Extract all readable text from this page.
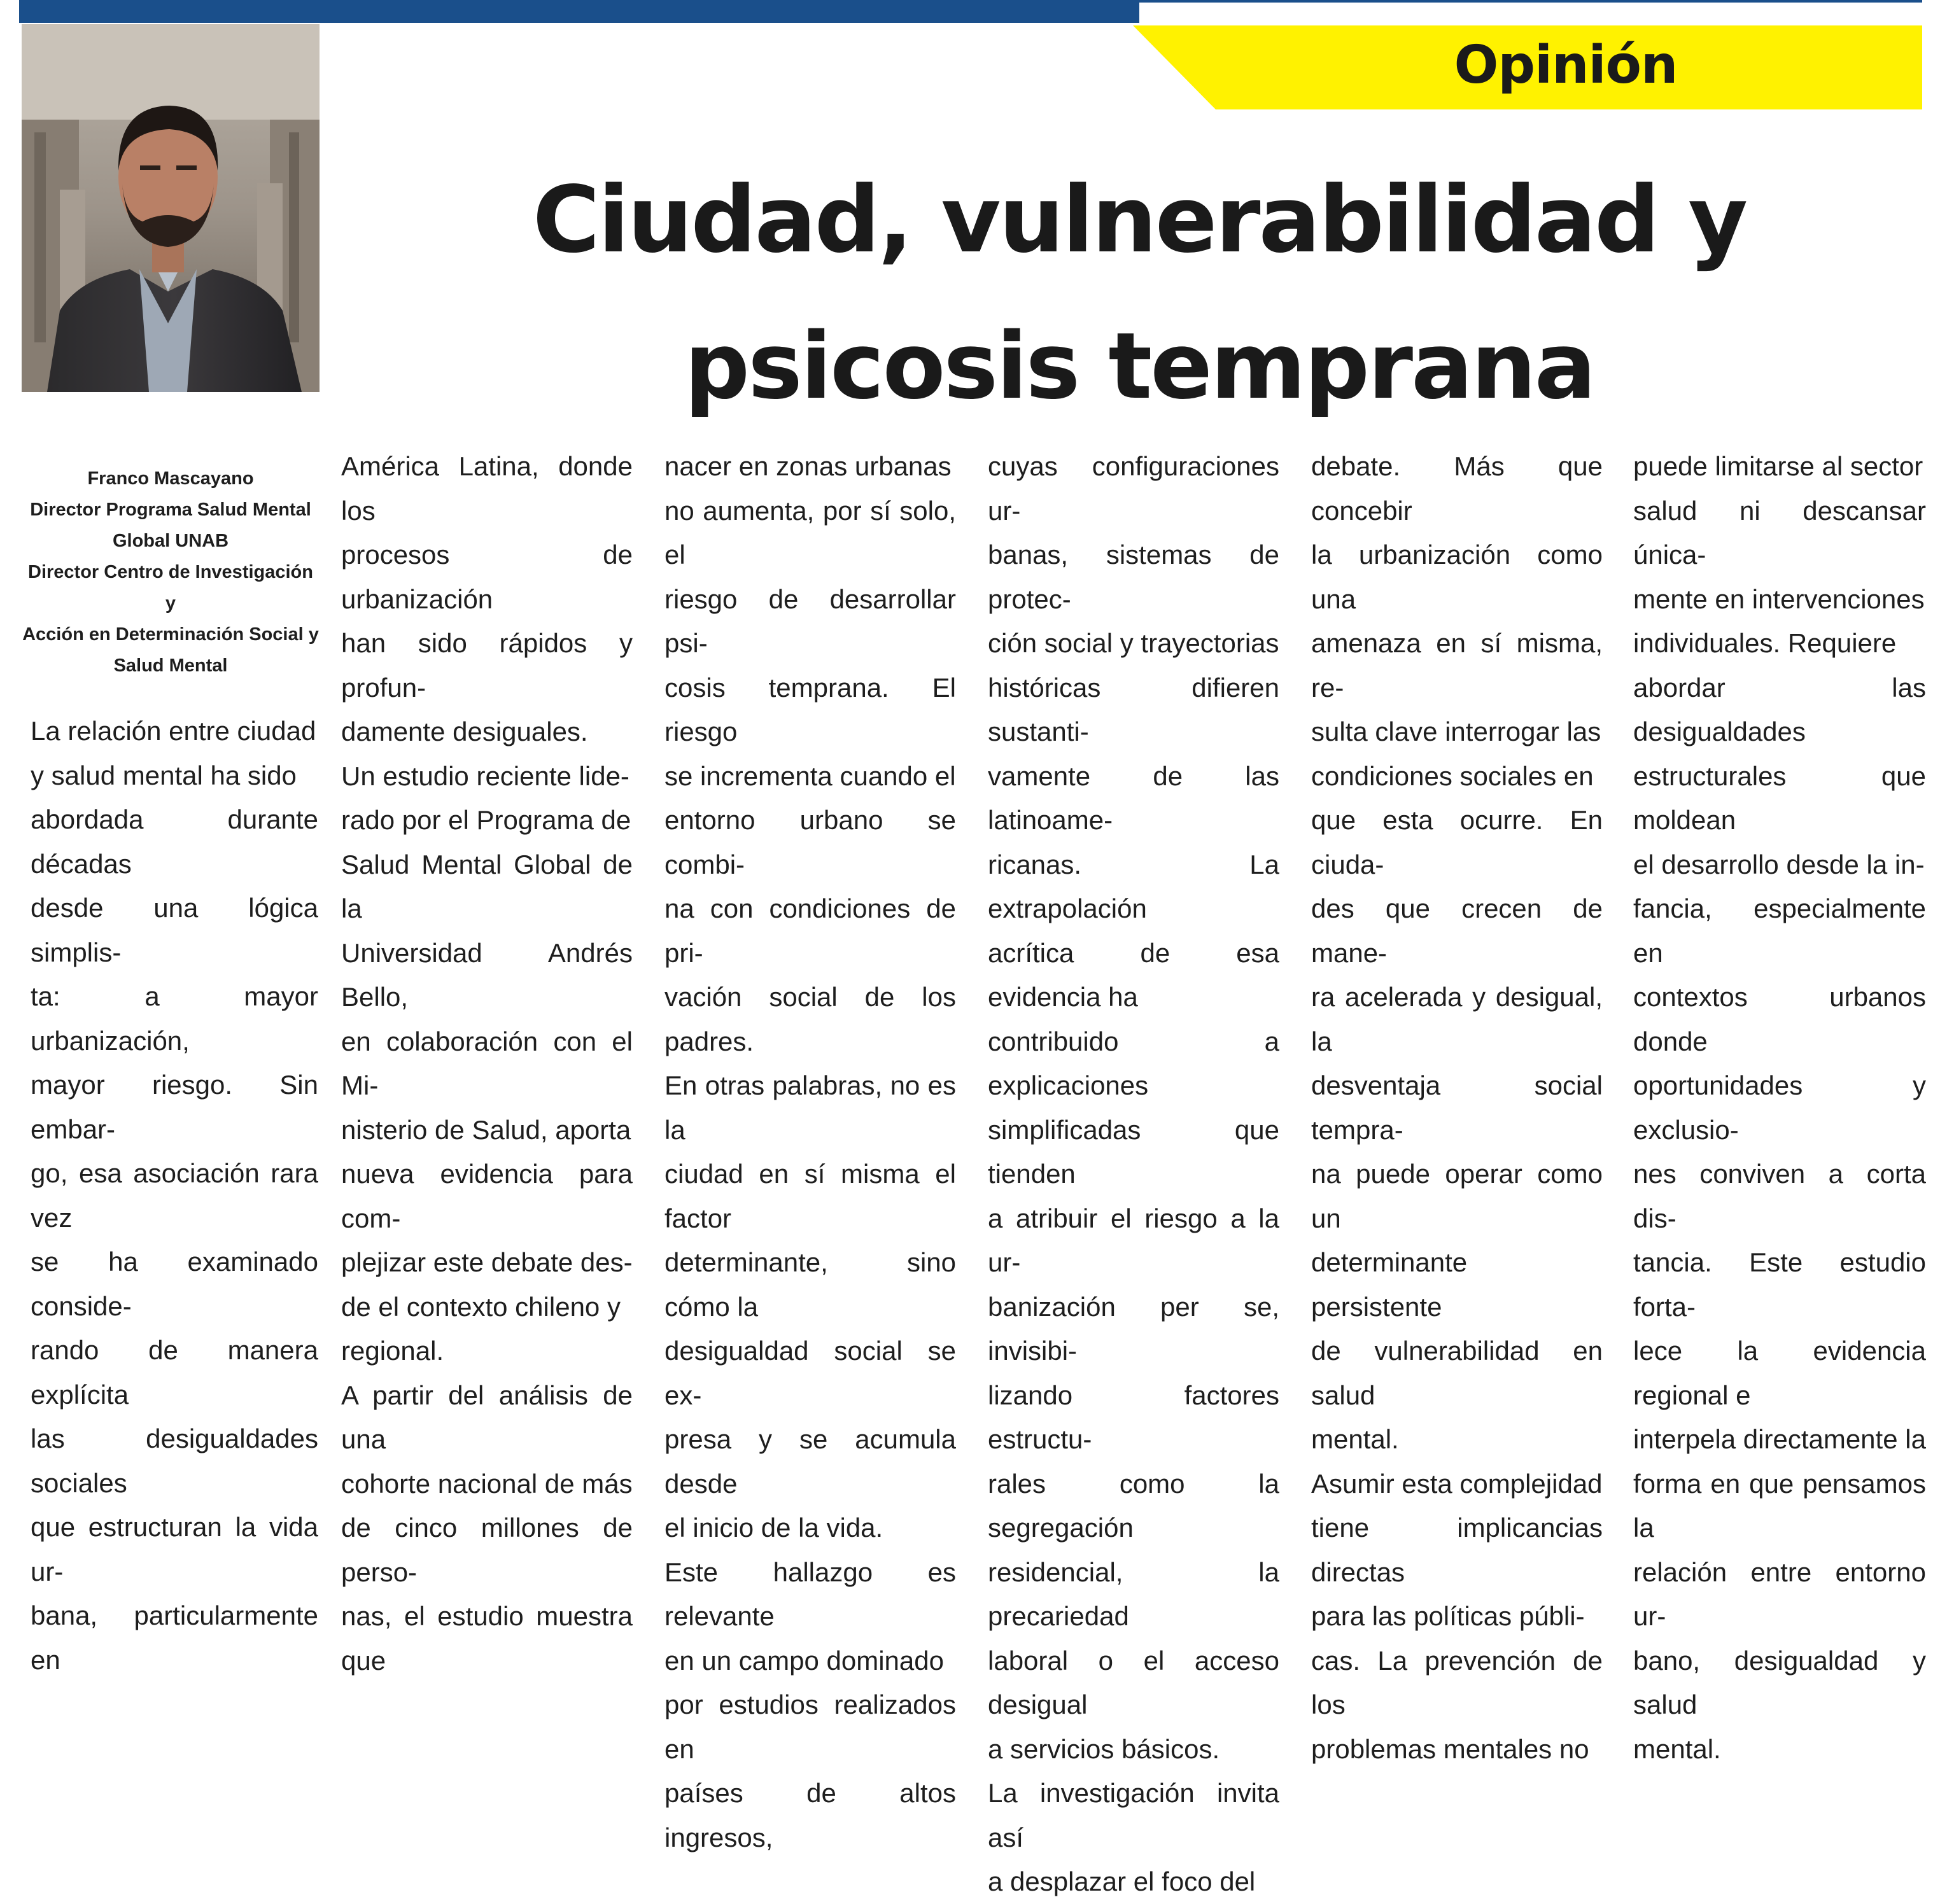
Opinión
Ciudad, vulnerabilidad y
psicosis temprana
Franco Mascayano
Director Programa Salud Mental
Global UNAB
Director Centro de Investigación y
Acción en Determinación Social y
Salud Mental
La relación entre ciudad
y salud mental ha sido
abordada durante décadas
desde una lógica simplis-
ta: a mayor urbanización,
mayor riesgo. Sin embar-
go, esa asociación rara vez
se ha examinado conside-
rando de manera explícita
las desigualdades sociales
que estructuran la vida ur-
bana, particularmente en
América Latina, donde los
procesos de urbanización
han sido rápidos y profun-
damente desiguales.
Un estudio reciente lide-
rado por el Programa de
Salud Mental Global de la
Universidad Andrés Bello,
en colaboración con el Mi-
nisterio de Salud, aporta
nueva evidencia para com-
plejizar este debate des-
de el contexto chileno y
regional.
A partir del análisis de una
cohorte nacional de más
de cinco millones de perso-
nas, el estudio muestra que
nacer en zonas urbanas
no aumenta, por sí solo, el
riesgo de desarrollar psi-
cosis temprana. El riesgo
se incrementa cuando el
entorno urbano se combi-
na con condiciones de pri-
vación social de los padres.
En otras palabras, no es la
ciudad en sí misma el factor
determinante, sino cómo la
desigualdad social se ex-
presa y se acumula desde
el inicio de la vida.
Este hallazgo es relevante
en un campo dominado
por estudios realizados en
países de altos ingresos,
cuyas configuraciones ur-
banas, sistemas de protec-
ción social y trayectorias
históricas difieren sustanti-
vamente de las latinoame-
ricanas. La extrapolación
acrítica de esa evidencia ha
contribuido a explicaciones
simplificadas que tienden
a atribuir el riesgo a la ur-
banización per se, invisibi-
lizando factores estructu-
rales como la segregación
residencial, la precariedad
laboral o el acceso desigual
a servicios básicos.
La investigación invita así
a desplazar el foco del
debate. Más que concebir
la urbanización como una
amenaza en sí misma, re-
sulta clave interrogar las
condiciones sociales en
que esta ocurre. En ciuda-
des que crecen de mane-
ra acelerada y desigual, la
desventaja social tempra-
na puede operar como un
determinante persistente
de vulnerabilidad en salud
mental.
Asumir esta complejidad
tiene implicancias directas
para las políticas públi-
cas. La prevención de los
problemas mentales no
puede limitarse al sector
salud ni descansar única-
mente en intervenciones
individuales. Requiere
abordar las desigualdades
estructurales que moldean
el desarrollo desde la in-
fancia, especialmente en
contextos urbanos donde
oportunidades y exclusio-
nes conviven a corta dis-
tancia. Este estudio forta-
lece la evidencia regional e
interpela directamente la
forma en que pensamos la
relación entre entorno ur-
bano, desigualdad y salud
mental.
